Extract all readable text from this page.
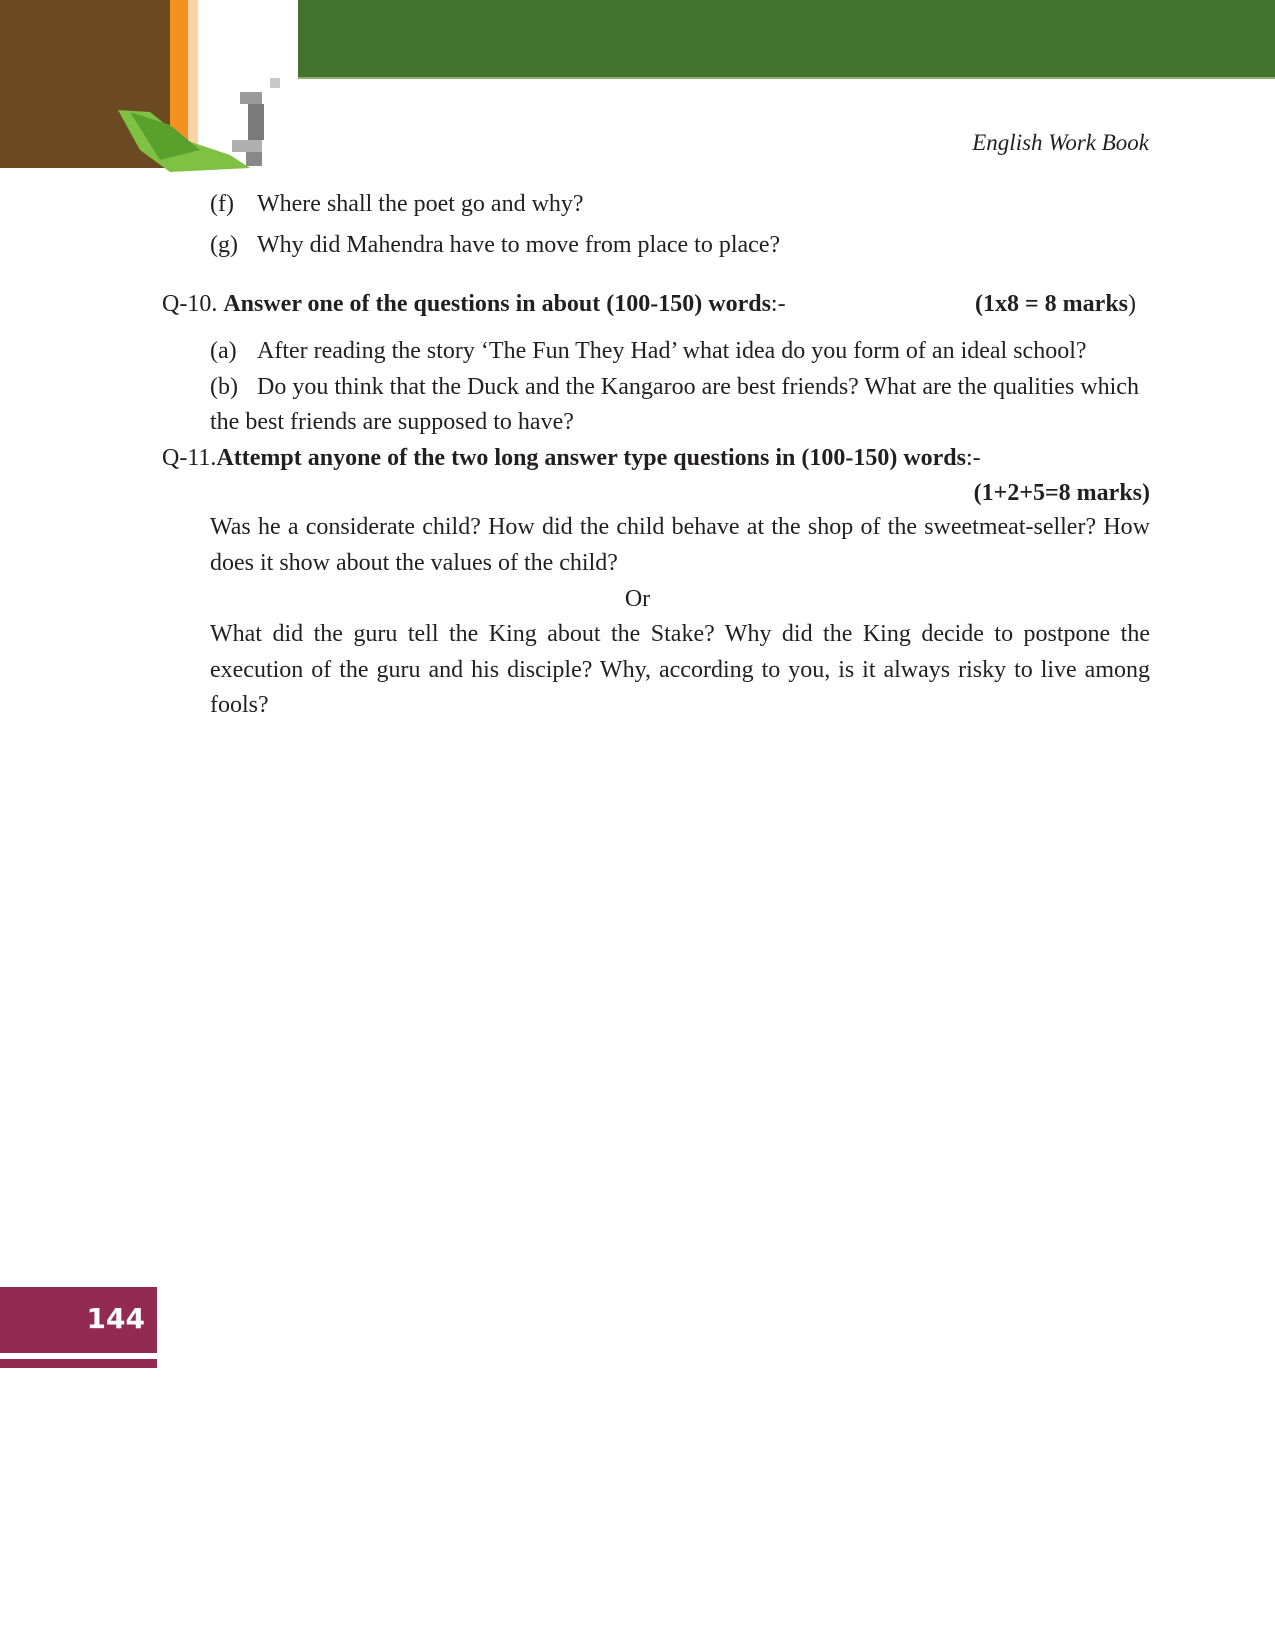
English Work Book
(f) Where shall the poet go and why?
(g) Why did Mahendra have to move from place to place?
Q-10. Answer one of the questions in about (100-150) words:-	(1x8 = 8 marks)
(a) After reading the story ‘The Fun They Had’ what idea do you form of an ideal school?
(b) Do you think that the Duck and the Kangaroo are best friends? What are the qualities which
the best friends are supposed to have?
Q-11.Attempt anyone of the two long answer type questions in (100-150) words:-
(1+2+5=8 marks)
Was he a considerate child? How did the child behave at the shop of the sweetmeat-seller? How does it show about the values of the child?
Or
What did the guru tell the King about the Stake? Why did the King decide to postpone the execution of the guru and his disciple? Why, according to you, is it always risky to live among fools?
144
